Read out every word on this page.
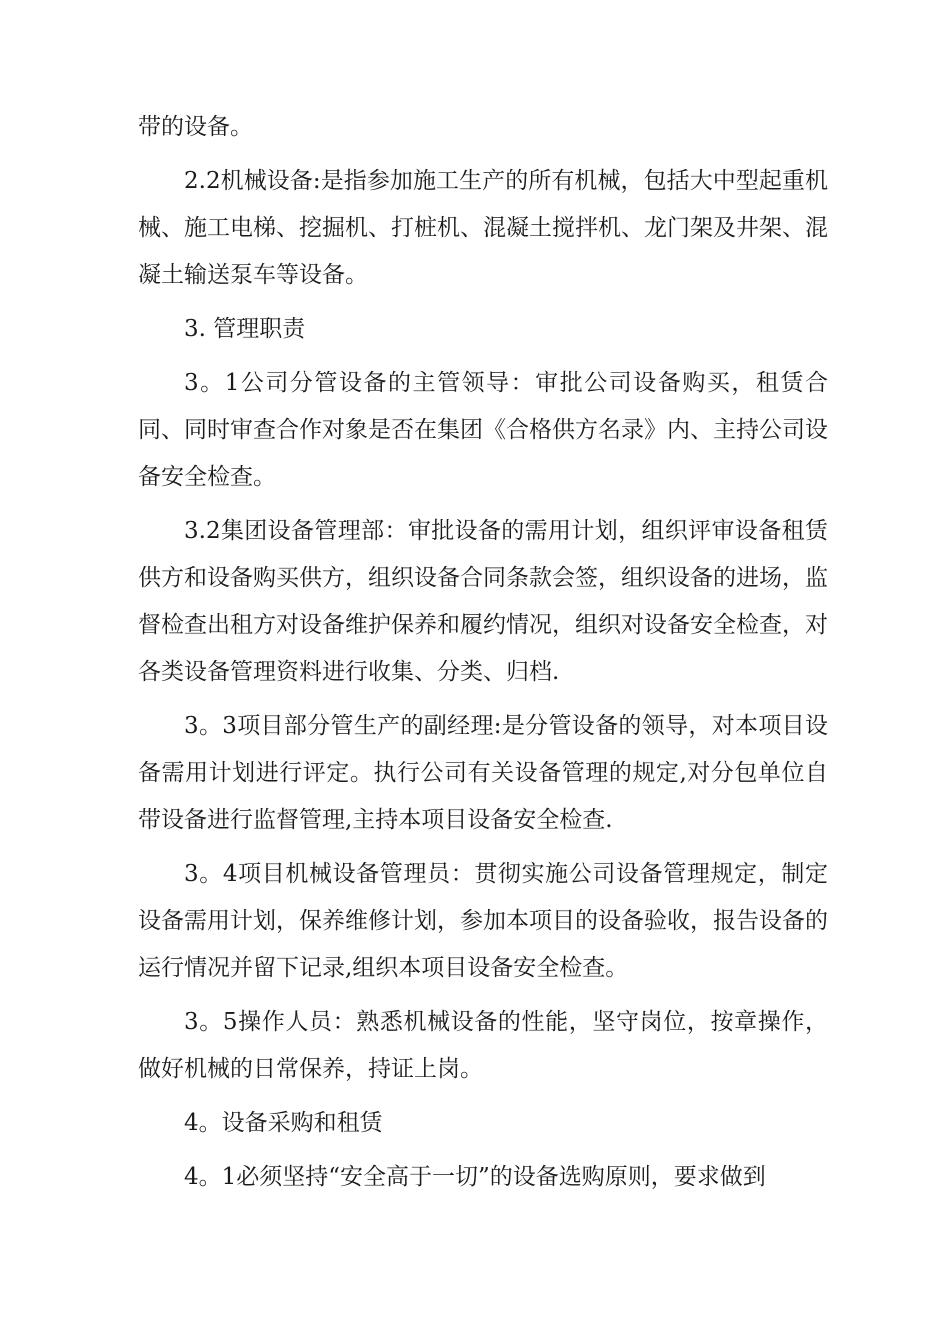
带的设备。

2.2机械设备:是指参加施工生产的所有机械，包括大中型起重机械、施工电梯、挖掘机、打桩机、混凝土搅拌机、龙门架及井架、混凝土输送泵车等设备。

3. 管理职责

3。1公司分管设备的主管领导：审批公司设备购买，租赁合同、同时审查合作对象是否在集团《合格供方名录》内、主持公司设备安全检查。

3.2集团设备管理部：审批设备的需用计划，组织评审设备租赁供方和设备购买供方，组织设备合同条款会签，组织设备的进场，监督检查出租方对设备维护保养和履约情况，组织对设备安全检查，对各类设备管理资料进行收集、分类、归档.

3。3项目部分管生产的副经理:是分管设备的领导，对本项目设备需用计划进行评定。执行公司有关设备管理的规定,对分包单位自带设备进行监督管理,主持本项目设备安全检查.

3。4项目机械设备管理员：贯彻实施公司设备管理规定，制定设备需用计划，保养维修计划，参加本项目的设备验收，报告设备的运行情况并留下记录,组织本项目设备安全检查。

3。5操作人员：熟悉机械设备的性能，坚守岗位，按章操作，做好机械的日常保养，持证上岗。

4。设备采购和租赁

4。1必须坚持“安全高于一切”的设备选购原则，要求做到
